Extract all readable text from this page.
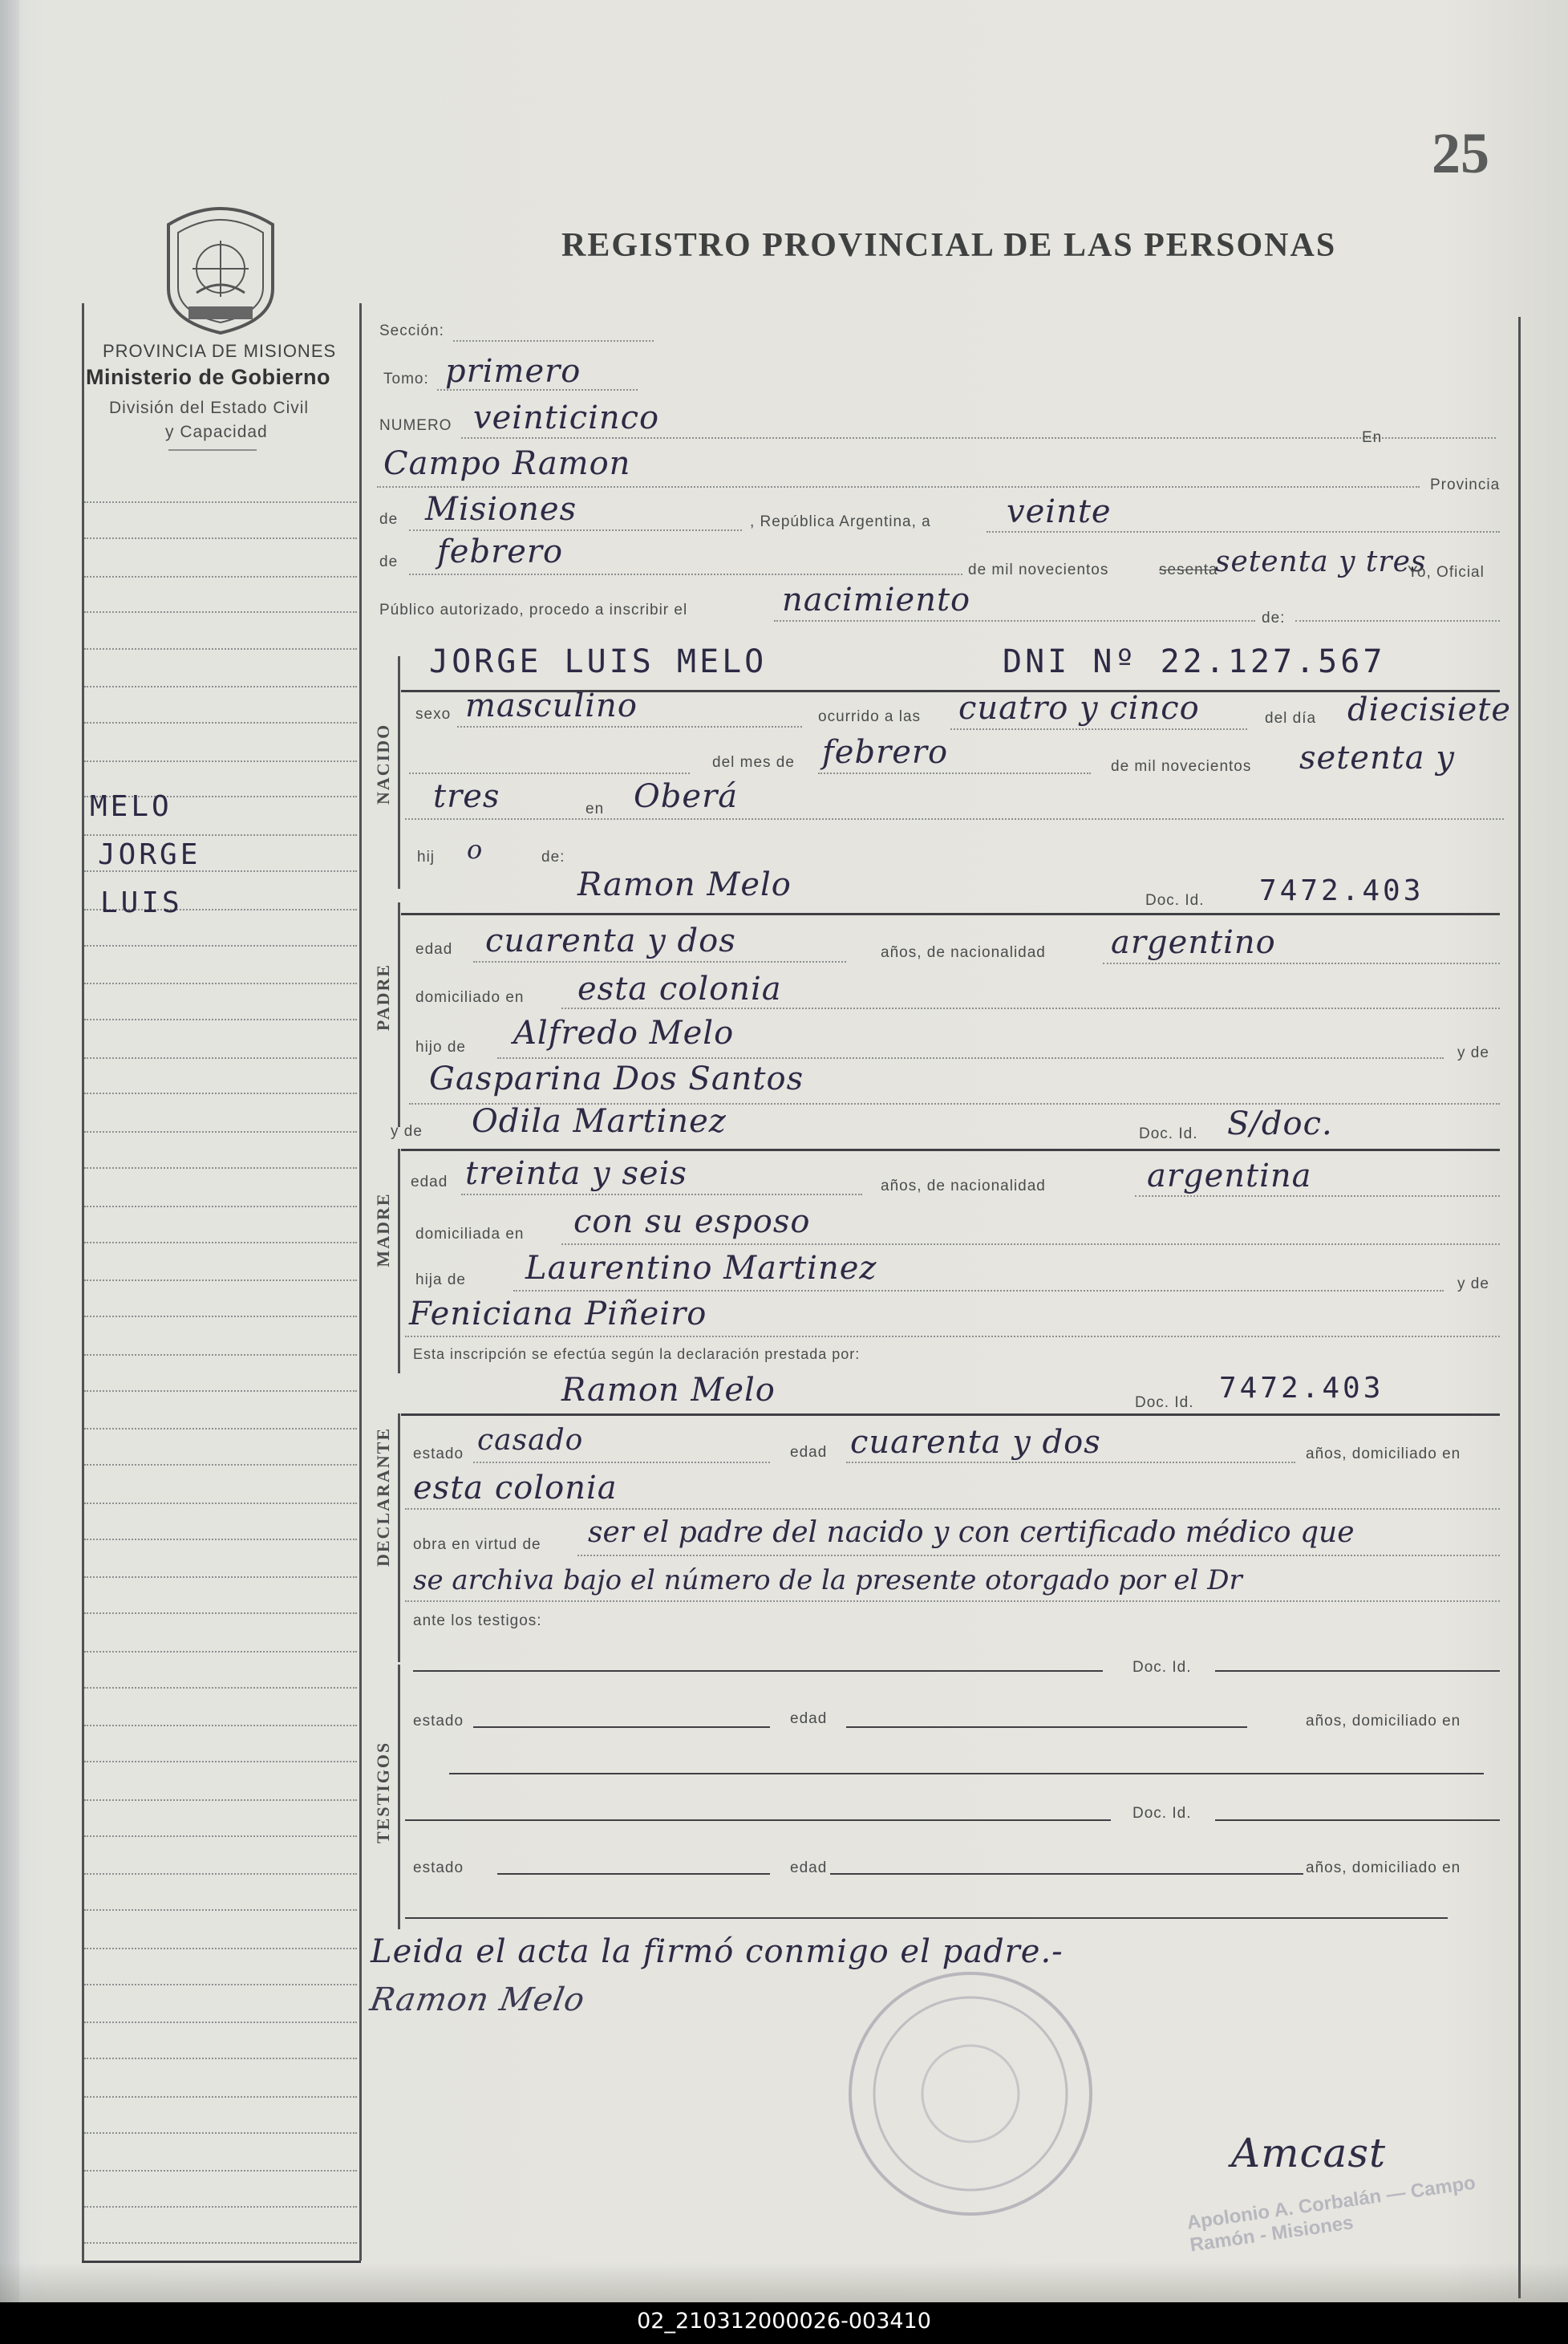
25
REGISTRO PROVINCIAL DE LAS PERSONAS
PROVINCIA DE MISIONES
Ministerio de Gobierno
División del Estado Civil
y Capacidad
MELO
JORGE
LUIS
Sección:
Tomo: primero
NUMERO veinticinco
En
Campo Ramon
Provincia
de Misiones	, República Argentina, a veinte
de febrero	de mil novecientos	sesenta
setenta y tres
Yo, Oficial
Público autorizado, procedo a inscribir el	nacimiento	de:
NACIDO
JORGE LUIS MELO	DNI Nº 22.127.567
sexo masculino	ocurrido a las cuatro y cinco	del día diecisiete
del mes de febrero	de mil novecientos setenta y
tres	en Oberá
hij o	de:
PADRE
Ramon Melo	Doc. Id. 7472.403
edad cuarenta y dos	años, de nacionalidad argentino
domiciliado en esta colonia
hijo de Alfredo Melo
y de
Gasparina Dos Santos
y de Odila Martinez	Doc. Id. S/doc.
MADRE
edad treinta y seis	años, de nacionalidad	argentina
domiciliada en con su esposo
hija de Laurentino Martinez	y de
Feniciana Piñeiro
Esta inscripción se efectúa según la declaración prestada por:
Ramon Melo	Doc. Id. 7472.403
DECLARANTE estado casado	edad cuarenta y dos	años, domiciliado en
esta colonia
obra en virtud de ser el padre del nacido y con certificado médico que
se archiva bajo el número de la presente otorgado por el Dr
ante los testigos:
TESTIGOS
Doc. Id.
estado	edad	años, domiciliado en
Doc. Id.
estado	edad	años, domiciliado en
Leida el acta la firmó conmigo el padre.-
Ramon Melo
Apolonio A. Corbalán — Campo Ramón - Misiones
Amcast
02_210312000026-003410
